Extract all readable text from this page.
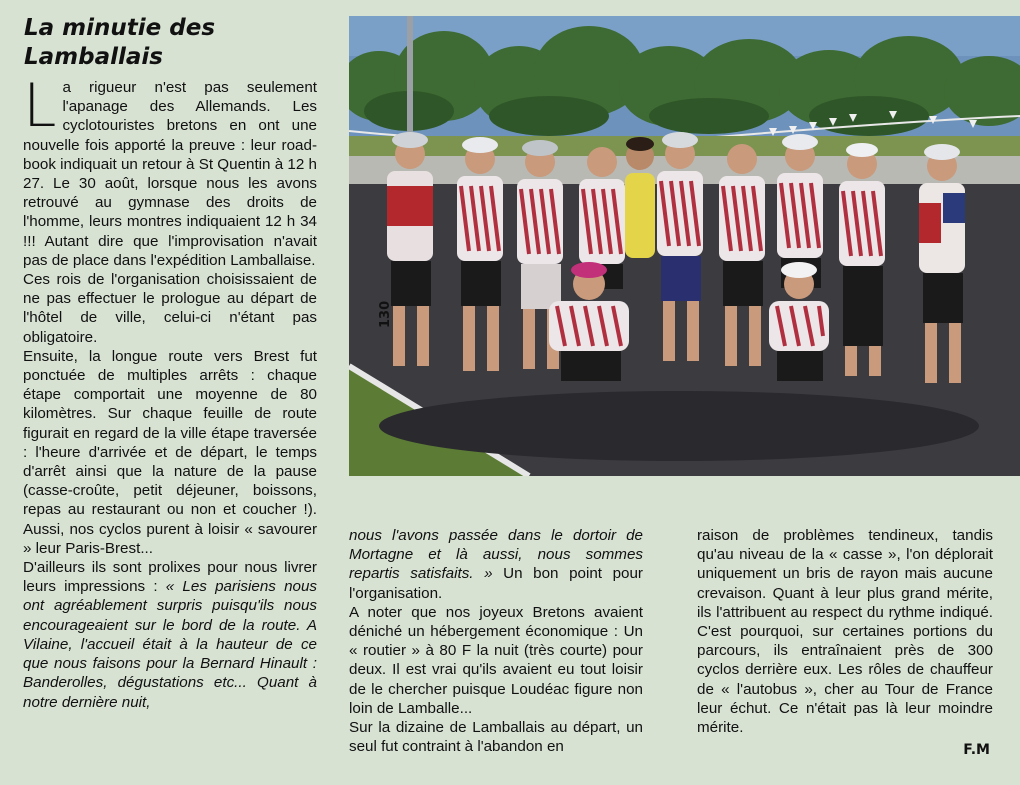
La minutie des
Lamballais

La rigueur n'est pas seulement l'apanage des Allemands. Les cyclotouristes bretons en ont une nouvelle fois apporté la preuve : leur road-book indiquait un retour à St Quentin à 12 h 27. Le 30 août, lorsque nous les avons retrouvé au gymnase des droits de l'homme, leurs montres indiquaient 12 h 34 !!! Autant dire que l'improvisation n'avait pas de place dans l'expédition Lamballaise.

Ces rois de l'organisation choisissaient de ne pas effectuer le prologue au départ de l'hôtel de ville, celui-ci n'étant pas obligatoire.

Ensuite, la longue route vers Brest fut ponctuée de multiples arrêts : chaque étape comportait une moyenne de 80 kilomètres. Sur chaque feuille de route figurait en regard de la ville étape traversée : l'heure d'arrivée et de départ, le temps d'arrêt ainsi que la nature de la pause (casse-croûte, petit déjeuner, boissons, repas au restaurant ou non et coucher !). Aussi, nos cyclos purent à loisir « savourer » leur Paris-Brest...

D'ailleurs ils sont prolixes pour nous livrer leurs impressions : « Les parisiens nous ont agréablement surpris puisqu'ils nous encourageaient sur le bord de la route. A Vilaine, l'accueil était à la hauteur de ce que nous faisons pour la Bernard Hinault : Banderolles, dégustations etc... Quant à notre dernière nuit,

130

nous l'avons passée dans le dortoir de Mortagne et là aussi, nous sommes repartis satisfaits. » Un bon point pour l'organisation.

A noter que nos joyeux Bretons avaient déniché un hébergement économique : Un « routier » à 80 F la nuit (très courte) pour deux. Il est vrai qu'ils avaient eu tout loisir de le chercher puisque Loudéac figure non loin de Lamballe...

Sur la dizaine de Lamballais au départ, un seul fut contraint à l'abandon en

raison de problèmes tendineux, tandis qu'au niveau de la « casse », l'on déplorait uniquement un bris de rayon mais aucune crevaison. Quant à leur plus grand mérite, ils l'attribuent au respect du rythme indiqué. C'est pourquoi, sur certaines portions du parcours, ils entraînaient près de 300 cyclos derrière eux. Les rôles de chauffeur de « l'autobus », cher au Tour de France leur échut. Ce n'était pas là leur moindre mérite.

F.M
